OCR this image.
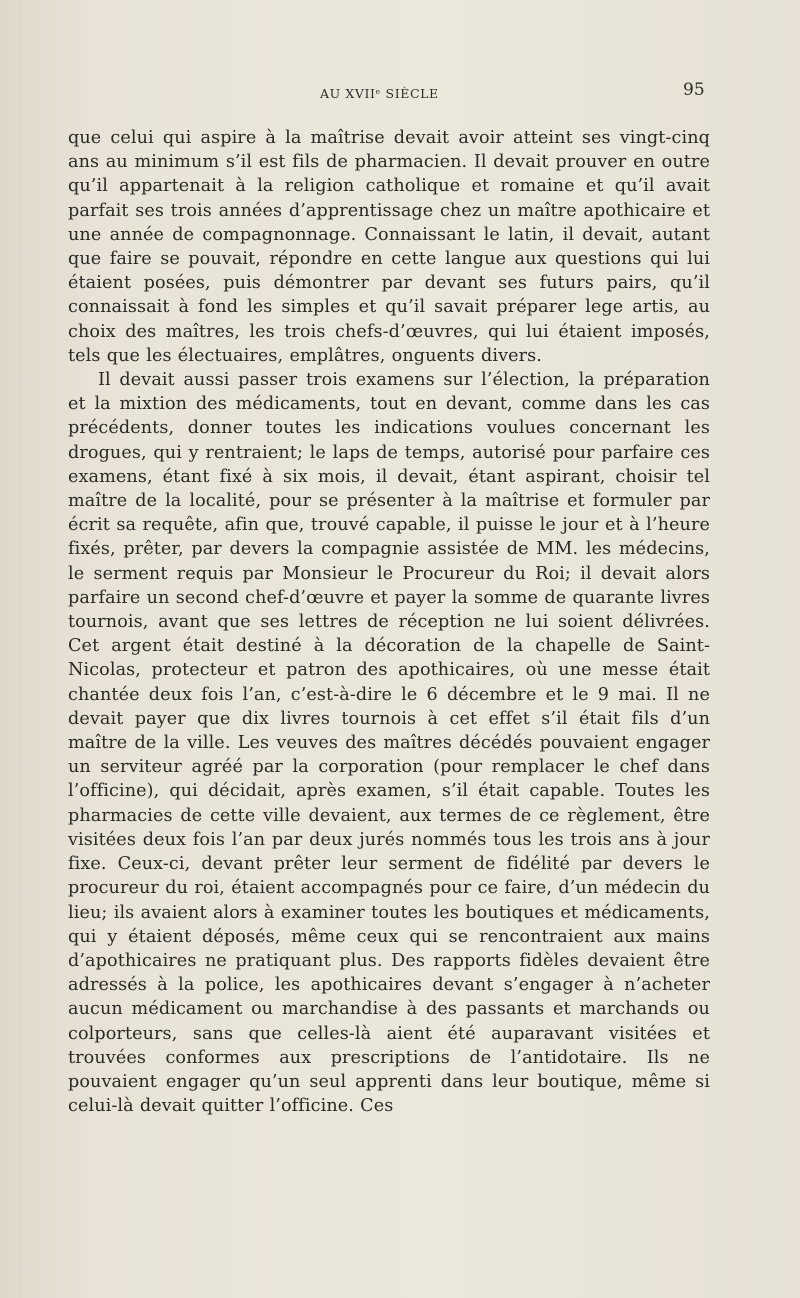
AU XVIIᵉ SIÈCLE	95

que celui qui aspire à la maîtrise devait avoir atteint ses vingt-cinq ans au minimum s’il est fils de pharmacien. Il devait prouver en outre qu’il appartenait à la religion catholique et romaine et qu’il avait parfait ses trois années d’apprentissage chez un maître apothicaire et une année de compagnonnage. Connaissant le latin, il devait, autant que faire se pouvait, répondre en cette langue aux questions qui lui étaient posées, puis démontrer par devant ses futurs pairs, qu’il connaissait à fond les simples et qu’il savait préparer lege artis, au choix des maîtres, les trois chefs-d’œuvres, qui lui étaient imposés, tels que les électuaires, emplâtres, onguents divers.

Il devait aussi passer trois examens sur l’élection, la préparation et la mixtion des médicaments, tout en devant, comme dans les cas précédents, donner toutes les indications voulues concernant les drogues, qui y rentraient; le laps de temps, autorisé pour parfaire ces examens, étant fixé à six mois, il devait, étant aspirant, choisir tel maître de la localité, pour se présenter à la maîtrise et formuler par écrit sa requête, afin que, trouvé capable, il puisse le jour et à l’heure fixés, prêter, par devers la compagnie assistée de MM. les médecins, le serment requis par Monsieur le Procureur du Roi; il devait alors parfaire un second chef-d’œuvre et payer la somme de quarante livres tournois, avant que ses lettres de réception ne lui soient délivrées. Cet argent était destiné à la décoration de la chapelle de Saint-Nicolas, protecteur et patron des apothicaires, où une messe était chantée deux fois l’an, c’est-à-dire le 6 décembre et le 9 mai. Il ne devait payer que dix livres tournois à cet effet s’il était fils d’un maître de la ville. Les veuves des maîtres décédés pouvaient engager un serviteur agréé par la corporation (pour remplacer le chef dans l’officine), qui décidait, après examen, s’il était capable. Toutes les pharmacies de cette ville devaient, aux termes de ce règlement, être visitées deux fois l’an par deux jurés nommés tous les trois ans à jour fixe. Ceux-ci, devant prêter leur serment de fidélité par devers le procureur du roi, étaient accompagnés pour ce faire, d’un médecin du lieu; ils avaient alors à examiner toutes les boutiques et médicaments, qui y étaient déposés, même ceux qui se rencontraient aux mains d’apothicaires ne pratiquant plus. Des rapports fidèles devaient être adressés à la police, les apothicaires devant s’engager à n’acheter aucun médicament ou marchandise à des passants et marchands ou colporteurs, sans que celles-là aient été auparavant visitées et trouvées conformes aux prescriptions de l’antidotaire. Ils ne pouvaient engager qu’un seul apprenti dans leur boutique, même si celui-là devait quitter l’officine. Ces
